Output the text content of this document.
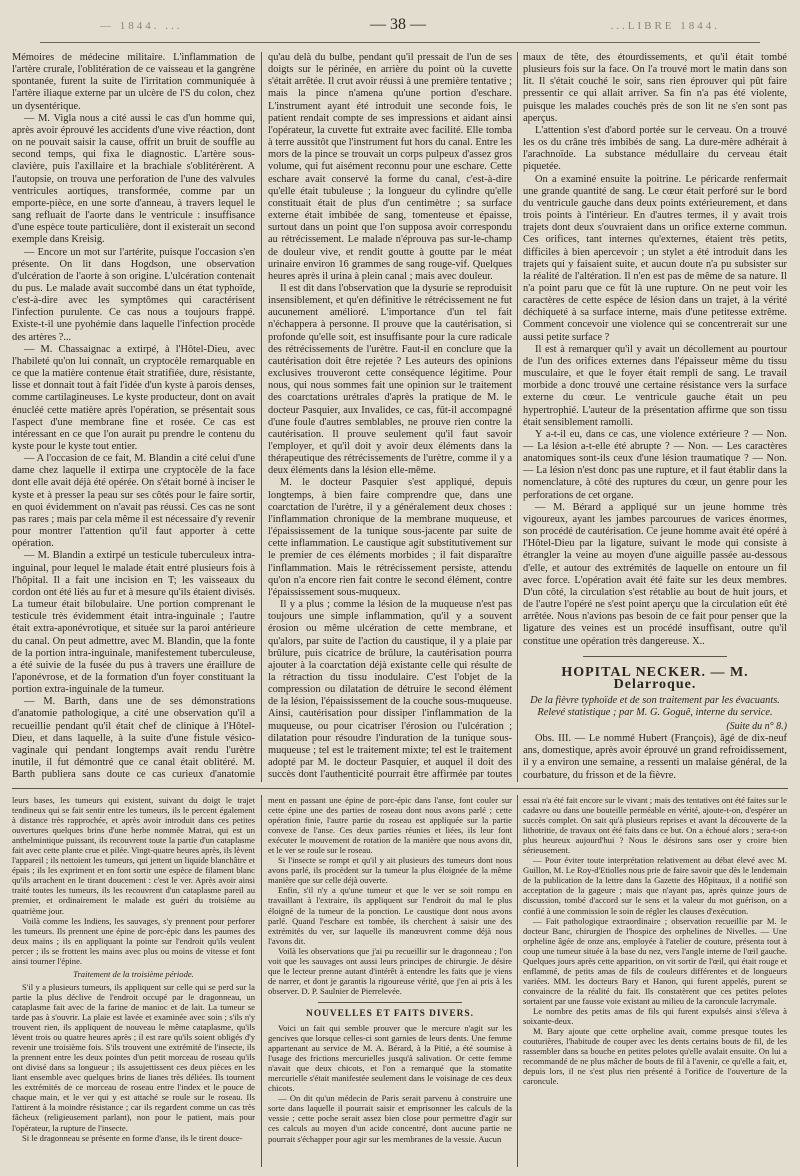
— 1844. ...	— 38 —	...LIBRE 1844.

Mémoires de médecine militaire. L'inflammation de l'artère crurale, l'oblitération de ce vaisseau et la gangrène spontanée, furent la suite de l'irritation communiquée à l'artère iliaque externe par un ulcère de l'S du colon, chez un dysentérique.

— M. Vigla nous a cité aussi le cas d'un homme qui, après avoir éprouvé les accidents d'une vive réaction, dont on ne pouvait saisir la cause, offrit un bruit de souffle au second temps, qui fixa le diagnostic. L'artère sous-clavière, puis l'axillaire et la brachiale s'oblitérèrent. A l'autopsie, on trouva une perforation de l'une des valvules ventricules aortiques, transformée, comme par un emporte-pièce, en une sorte d'anneau, à travers lequel le sang refluait de l'aorte dans le ventricule : insuffisance d'une espèce toute particulière, dont il existerait un second exemple dans Kreisig.

— Encore un mot sur l'artérite, puisque l'occasion s'en présente. On lit dans Hogdson, une observation d'ulcération de l'aorte à son origine. L'ulcération contenait du pus. Le malade avait succombé dans un état typhoïde, c'est-à-dire avec les symptômes qui caractérisent l'infection purulente. Ce cas nous a toujours frappé. Existe-t-il une pyohémie dans laquelle l'infection procède des artères ?...

— M. Chassaignac a extirpé, à l'Hôtel-Dieu, avec l'habileté qu'on lui connaît, un cryptocèle remarquable en ce que la matière contenue était stratifiée, dure, résistante, lisse et donnait tout à fait l'idée d'un kyste à parois denses, comme cartilagineuses. Le kyste producteur, dont on avait énucléé cette matière après l'opération, se présentait sous l'aspect d'une membrane fine et rosée. Ce cas est intéressant en ce que l'on aurait pu prendre le contenu du kyste pour le kyste tout entier.

— A l'occasion de ce fait, M. Blandin a cité celui d'une dame chez laquelle il extirpa une cryptocèle de la face dont elle avait déjà été opérée. On s'était borné à inciser le kyste et à presser la peau sur ses côtés pour le faire sortir, en quoi évidemment on n'avait pas réussi. Ces cas ne sont pas rares ; mais par cela même il est nécessaire d'y revenir pour montrer l'attention qu'il faut apporter à cette opération.

— M. Blandin a extirpé un testicule tuberculeux intra-inguinal, pour lequel le malade était entré plusieurs fois à l'hôpital. Il a fait une incision en T; les vaisseaux du cordon ont été liés au fur et à mesure qu'ils étaient divisés. La tumeur était bilobulaire. Une portion comprenant le testicule très évidemment était intra-inguinale ; l'autre était extra-aponévrotique, et située sur la paroi antérieure du canal. On peut admettre, avec M. Blandin, que la fonte de la portion intra-inguinale, manifestement tuberculeuse, a été suivie de la fusée du pus à travers une éraillure de l'aponévrose, et de la formation d'un foyer constituant la portion extra-inguinale de la tumeur.

— M. Barth, dans une de ses démonstrations d'anatomie pathologique, a cité une observation qu'il a recueillie pendant qu'il était chef de clinique à l'Hôtel-Dieu, et dans laquelle, à la suite d'une fistule vésico-vaginale qui pendant longtemps avait rendu l'urètre inutile, il fut démontré que ce canal était oblitéré. M. Barth publiera sans doute ce cas curieux d'anatomie

qu'au delà du bulbe, pendant qu'il pressait de l'un de ses doigts sur le périnée, en arrière du point où la cuvette s'était arrêtée. Il crut avoir réussi à une première tentative ; mais la pince n'amena qu'une portion d'eschare. L'instrument ayant été introduit une seconde fois, le patient rendait compte de ses impressions et aidant ainsi l'opérateur, la cuvette fut extraite avec facilité. Elle tomba à terre aussitôt que l'instrument fut hors du canal. Entre les mors de la pince se trouvait un corps pulpeux d'assez gros volume, qui fut aisément reconnu pour une eschare. Cette eschare avait conservé la forme du canal, c'est-à-dire qu'elle était tubuleuse ; la longueur du cylindre qu'elle constituait était de plus d'un centimètre ; sa surface externe était imbibée de sang, tomenteuse et épaisse, surtout dans un point que l'on supposa avoir correspondu au rétrécissement. Le malade n'éprouva pas sur-le-champ de douleur vive, et rendit goutte à goutte par le méat urinaire environ 16 grammes de sang rouge-vif. Quelques heures après il urina à plein canal ; mais avec douleur.

Il est dit dans l'observation que la dysurie se reproduisit insensiblement, et qu'en définitive le rétrécissement ne fut aucunement amélioré. L'importance d'un tel fait n'échappera à personne. Il prouve que la cautérisation, si profonde qu'elle soit, est insuffisante pour la cure radicale des rétrécissements de l'urètre. Faut-il en conclure que la cautérisation doit être rejetée ? Les auteurs des opinions exclusives trouveront cette conséquence légitime. Pour nous, qui nous sommes fait une opinion sur le traitement des coarctations urétrales d'après la pratique de M. le docteur Pasquier, aux Invalides, ce cas, fût-il accompagné d'une foule d'autres semblables, ne prouve rien contre la cautérisation. Il prouve seulement qu'il faut savoir l'employer, et qu'il doit y avoir deux éléments dans la thérapeutique des rétrécissements de l'urètre, comme il y a deux éléments dans la lésion elle-même.

M. le docteur Pasquier s'est appliqué, depuis longtemps, à bien faire comprendre que, dans une coarctation de l'urètre, il y a généralement deux choses : l'inflammation chronique de la membrane muqueuse, et l'épaississement de la tunique sous-jacente par suite de cette inflammation. Le caustique agit substitutivement sur le premier de ces éléments morbides ; il fait disparaître l'inflammation. Mais le rétrécissement persiste, attendu qu'on n'a encore rien fait contre le second élément, contre l'épaississement sous-muqueux.

Il y a plus ; comme la lésion de la muqueuse n'est pas toujours une simple inflammation, qu'il y a souvent érosion ou même ulcération de cette membrane, et qu'alors, par suite de l'action du caustique, il y a plaie par brûlure, puis cicatrice de brûlure, la cautérisation pourra ajouter à la coarctation déjà existante celle qui résulte de la rétraction du tissu inodulaire. C'est l'objet de la compression ou dilatation de détruire le second élément de la lésion, l'épaississement de la couche sous-muqueuse. Ainsi, cautérisation pour dissiper l'inflammation de la muqueuse, ou pour cicatriser l'érosion ou l'ulcération ; dilatation pour résoudre l'induration de la tunique sous-muqueuse ; tel est le traitement mixte; tel est le traitement adopté par M. le docteur Pasquier, et auquel il doit des succès dont l'authenticité pourrait être affirmée par toutes

maux de tête, des étourdissements, et qu'il était tombé plusieurs fois sur la face. On l'a trouvé mort le matin dans son lit. Il s'était couché le soir, sans rien éprouver qui pût faire pressentir ce qui allait arriver. Sa fin n'a pas été violente, puisque les malades couchés près de son lit ne s'en sont pas aperçus.

L'attention s'est d'abord portée sur le cerveau. On a trouvé les os du crâne très imbibés de sang. La dure-mère adhérait à l'arachnoïde. La substance médullaire du cerveau était piquetée.

On a examiné ensuite la poitrine. Le péricarde renfermait une grande quantité de sang. Le cœur était perforé sur le bord du ventricule gauche dans deux points extérieurement, et dans trois points à l'intérieur. En d'autres termes, il y avait trois trajets dont deux s'ouvraient dans un orifice externe commun. Ces orifices, tant internes qu'externes, étaient très petits, difficiles à bien apercevoir ; un stylet a été introduit dans les trajets qui y faisaient suite, et aucun doute n'a pu subsister sur la réalité de l'altération. Il n'en est pas de même de sa nature. Il n'a point paru que ce fût là une rupture. On ne peut voir les caractères de cette espèce de lésion dans un trajet, à la vérité déchiqueté à sa surface interne, mais d'une petitesse extrême. Comment concevoir une violence qui se concentrerait sur une aussi petite surface ?

Il est à remarquer qu'il y avait un décollement au pourtour de l'un des orifices externes dans l'épaisseur même du tissu musculaire, et que le foyer était rempli de sang. Le travail morbide a donc trouvé une certaine résistance vers la surface externe du cœur. Le ventricule gauche était un peu hypertrophié. L'auteur de la présentation affirme que son tissu était sensiblement ramolli.

Y a-t-il eu, dans ce cas, une violence extérieure ? — Non. — La lésion a-t-elle été abrupte ? — Non. — Les caractères anatomiques sont-ils ceux d'une lésion traumatique ? — Non. — La lésion n'est donc pas une rupture, et il faut établir dans la nomenclature, à côté des ruptures du cœur, un genre pour les perforations de cet organe.

— M. Bérard a appliqué sur un jeune homme très vigoureux, ayant les jambes parcourues de varices énormes, son procédé de cautérisation. Ce jeune homme avait été opéré à l'Hôtel-Dieu par la ligature, suivant le mode qui consiste à étrangler la veine au moyen d'une aiguille passée au-dessous d'elle, et autour des extrémités de laquelle on entoure un fil avec force. L'opération avait été faite sur les deux membres. D'un côté, la circulation s'est rétablie au bout de huit jours, et de l'autre l'opéré ne s'est point aperçu que la circulation eût été arrêtée. Nous n'avions pas besoin de ce fait pour penser que la ligature des veines est un procédé insuffisant, outre qu'il constitue une opération très dangereuse. X..

HOPITAL NECKER. — M. Delarroque.
De la fièvre typhoïde et de son traitement par les évacuants. Relevé statistique ; par M. G. Goguê, interne du service.
(Suite du n° 8.)

Obs. III. — Le nommé Hubert (François), âgé de dix-neuf ans, domestique, après avoir éprouvé un grand refroidissement, il y a environ une semaine, a ressenti un malaise général, de la courbature, du frisson et de la fièvre.

leurs bases, les tumeurs qui existent, suivant du doigt le trajet tendineux qui se fait sentir entre les tumeurs, ils le percent également à distance très rapprochée, et après avoir introduit dans ces petites ouvertures quelques brins d'une herbe nommée Matrai, qui est un anthelmintique puissant, ils recouvrent toute la partie d'un cataplasme fait avec cette plante crue et pilée. Vingt-quatre heures après, ils lèvent l'appareil ; ils nettoient les tumeurs, qui jettent un liquide blanchâtre et épais ; ils les expriment et en font sortir une espèce de filament blanc qu'ils arrachent en le tirant doucement : c'est le ver. Après avoir ainsi traité toutes les tumeurs, ils les recouvrent d'un cataplasme pareil au premier, et ordinairement le malade est guéri du troisième au quatrième jour.

Voilà comme les Indiens, les sauvages, s'y prennent pour perforer les tumeurs. Ils prennent une épine de porc-épic dans les paumes des deux mains ; ils en appliquant la pointe sur l'endroit qu'ils veulent percer ; ils se frottent les mains avec plus ou moins de vitesse et font ainsi tourner l'épine.

Traitement de la troisième période.

S'il y a plusieurs tumeurs, ils appliquent sur celle qui se perd sur la partie la plus déclive de l'endroit occupé par le dragonneau, un cataplasme fait avec de la farine de manioc et de lait. La tumeur se tarde pas à s'ouvrir. La plaie est lavée et examinée avec soin ; s'ils n'y trouvent rien, ils appliquent de nouveau le même cataplasme, qu'ils lèvent trois ou quatre heures après ; il est rare qu'ils soient obligés d'y revenir une troisième fois. S'ils trouvent une extrémité de l'insecte, ils la prennent entre les deux pointes d'un petit morceau de roseau qu'ils ont divisé dans sa longueur ; ils assujettissent ces deux pièces en les liant ensemble avec quelques brins de lianes très déliées. Ils tournent les extrémités de ce morceau de roseau entre l'index et le pouce de chaque main, et le ver qui y est attaché se roule sur le roseau. Ils l'attirent à la moindre résistance ; car ils regardent comme un cas très fâcheux (religieusement parlant), non pour le patient, mais pour l'opérateur, la rupture de l'insecte.

Si le dragonneau se présente en forme d'anse, ils le tirent douce-

ment en passant une épine de porc-épic dans l'anse, font couler sur cette épine une des parties de roseau dont nous avons parlé ; cette opération finie, l'autre partie du roseau est appliquée sur la partie convexe de l'anse. Ces deux parties réunies et liées, ils leur font exécuter le mouvement de rotation de la manière que nous avons dit, et le ver se roule sur le roseau.

Si l'insecte se rompt et qu'il y ait plusieurs des tumeurs dont nous avons parlé, ils procèdent sur la tumeur la plus éloignée de la même manière que sur celle déjà ouverte.

Enfin, s'il n'y a qu'une tumeur et que le ver se soit rompu en travaillant à l'extraire, ils appliquent sur l'endroit du mal le plus éloigné de la tumeur de la ponction. Le caustique dont nous avons parlé. Quand l'eschare est tombée, ils cherchent à saisir une des extrémités du ver, sur laquelle ils manœuvrent comme déjà nous l'avons dit.

Voilà les observations que j'ai pu recueillir sur le dragonneau ; l'on voit que les sauvages ont aussi leurs principes de chirurgie. Je désire que le lecteur prenne autant d'intérêt à entendre les faits que je viens de narrer, et dont je garantis la rigoureuse vérité, que j'en ai pris à les observer. D. P. Saulnier de Pierrelevée.

NOUVELLES ET FAITS DIVERS.

Voici un fait qui semble prouver que le mercure n'agit sur les gencives que lorsque celles-ci sont garnies de leurs dents. Une femme appartenant au service de M. A. Bérard, à la Pitié, a été soumise à l'usage des frictions mercurielles jusqu'à salivation. Or cette femme n'avait que deux chicots, et l'on a remarqué que la stomatite mercurielle s'était manifestée seulement dans le voisinage de ces deux chicots.

— On dit qu'un médecin de Paris serait parvenu à construire une sorte dans laquelle il pourrait saisir et emprisonner les calculs de la vessie ; cette poche serait assez bien close pour permettre d'agir sur ces calculs au moyen d'un acide concentré, dont aucune partie ne pourrait s'échapper pour agir sur les membranes de la vessie. Aucun

essai n'a été fait encore sur le vivant ; mais des tentatives ont été faites sur le cadavre ou dans une bouteille perméable en vérité, ajoute-t-on, d'espérer un succès complet. On sait qu'à plusieurs reprises et avant la découverte de la lithotritie, de travaux ont été faits dans ce but. On a échoué alors ; sera-t-on plus heureux aujourd'hui ? Nous le désirons sans oser y croire bien sérieusement.

— Pour éviter toute interprétation relativement au débat élevé avec M. Guillon, M. Le Roy-d'Etiolles nous prie de faire savoir que dès le lendemain de la publication de la lettre dans la Gazette des Hôpitaux, il a notifié son acceptation de la gageure ; mais que n'ayant pas, après quinze jours de discussion, tombé d'accord sur le sens et la valeur du mot guérison, on a confié à une commission le soin de régler les clauses d'exécution.

— Fait pathologique extraordinaire ; observation recueillie par M. le docteur Banc, chirurgien de l'hospice des orphelines de Nivelles. — Une orpheline âgée de onze ans, employée à l'atelier de couture, présenta tout à coup une tumeur située à la base du nez, vers l'angle interne de l'œil gauche. Quelques jours après cette apparition, on vit sortir de l'œil, qui était rouge et enflammé, de petits amas de fils de couleurs différentes et de longueurs variées. MM. les docteurs Bary et Hanon, qui furent appelés, purent se convaincre de la réalité du fait. Ils constatèrent que ces petites pelotes sortaient par une fausse voie existant au milieu de la caroncule lacrymale.

Le nombre des petits amas de fils qui furent expulsés ainsi s'éleva à soixante-deux.

M. Bary ajoute que cette orpheline avait, comme presque toutes les couturières, l'habitude de couper avec les dents certains bouts de fil, de les rassembler dans sa bouche en petites pelotes qu'elle avalait ensuite. On lui a recommandé de ne plus mâcher de bouts de fil à l'avenir, ce qu'elle a fait, et, depuis lors, il ne s'est plus rien présenté à l'orifice de l'ouverture de la caroncule.
